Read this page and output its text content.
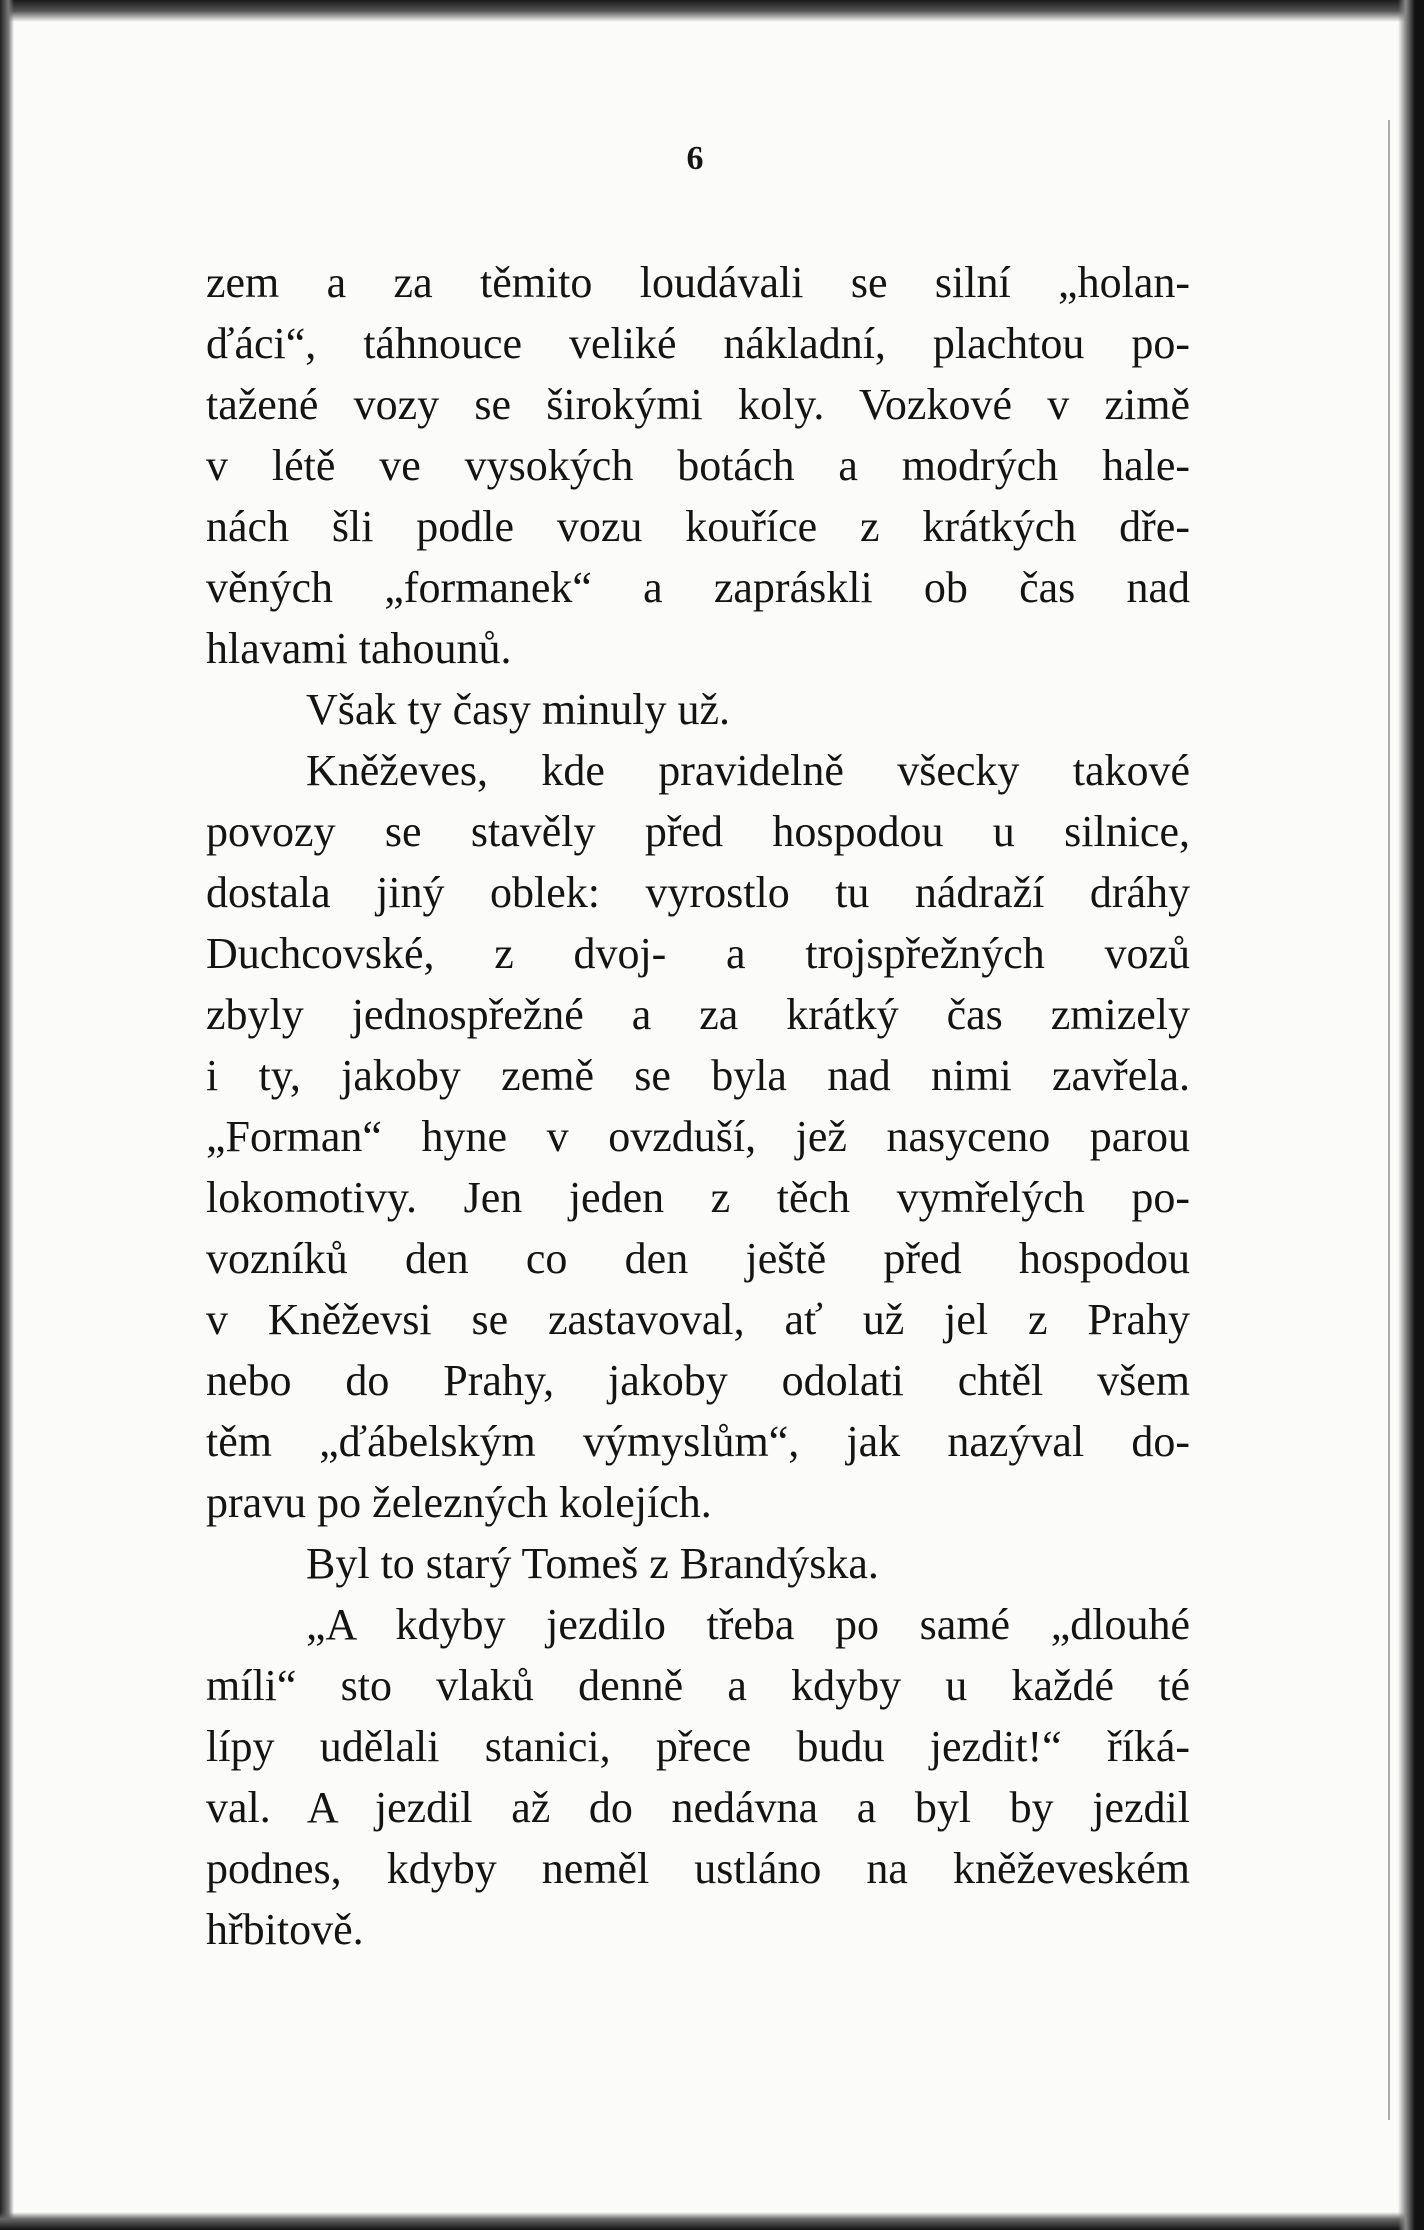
6
zem a za těmito loudávali se silní „holan-
ďáci“, táhnouce veliké nákladní, plachtou po-
tažené vozy se širokými koly. Vozkové v zimě
v létě ve vysokých botách a modrých hale-
nách šli podle vozu kouříce z krátkých dře-
věných „formanek“ a zapráskli ob čas nad
hlavami tahounů.
Však ty časy minuly už.
Kněževes, kde pravidelně všecky takové
povozy se stavěly před hospodou u silnice,
dostala jiný oblek: vyrostlo tu nádraží dráhy
Duchcovské, z dvoj- a trojspřežných vozů
zbyly jednospřežné a za krátký čas zmizely
i ty, jakoby země se byla nad nimi zavřela.
„Forman“ hyne v ovzduší, jež nasyceno parou
lokomotivy. Jen jeden z těch vymřelých po-
vozníků den co den ještě před hospodou
v Kněževsi se zastavoval, ať už jel z Prahy
nebo do Prahy, jakoby odolati chtěl všem
těm „ďábelským výmyslům“, jak nazýval do-
pravu po železných kolejích.
Byl to starý Tomeš z Brandýska.
„A kdyby jezdilo třeba po samé „dlouhé
míli“ sto vlaků denně a kdyby u každé té
lípy udělali stanici, přece budu jezdit!“ říká-
val. A jezdil až do nedávna a byl by jezdil
podnes, kdyby neměl ustláno na kněževeském
hřbitově.
